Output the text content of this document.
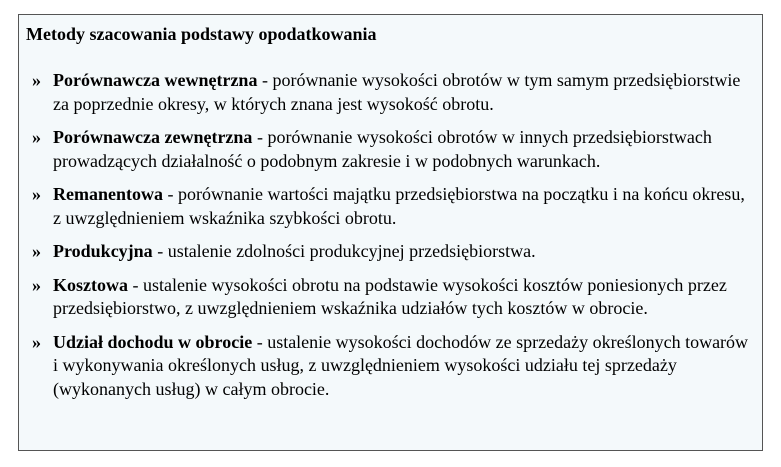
Metody szacowania podstawy opodatkowania
» Porównawcza wewnętrzna - porównanie wysokości obrotów w tym samym przedsiębiorstwie za poprzednie okresy, w których znana jest wysokość obrotu.
» Porównawcza zewnętrzna - porównanie wysokości obrotów w innych przedsiębiorstwach prowadzących działalność o podobnym zakresie i w podobnych warunkach.
» Remanentowa - porównanie wartości majątku przedsiębiorstwa na początku i na końcu okresu, z uwzględnieniem wskaźnika szybkości obrotu.
» Produkcyjna - ustalenie zdolności produkcyjnej przedsiębiorstwa.
» Kosztowa - ustalenie wysokości obrotu na podstawie wysokości kosztów poniesionych przez przedsiębiorstwo, z uwzględnieniem wskaźnika udziałów tych kosztów w obrocie.
» Udział dochodu w obrocie - ustalenie wysokości dochodów ze sprzedaży określonych towarów i wykonywania określonych usług, z uwzględnieniem wysokości udziału tej sprzedaży (wykonanych usług) w całym obrocie.
